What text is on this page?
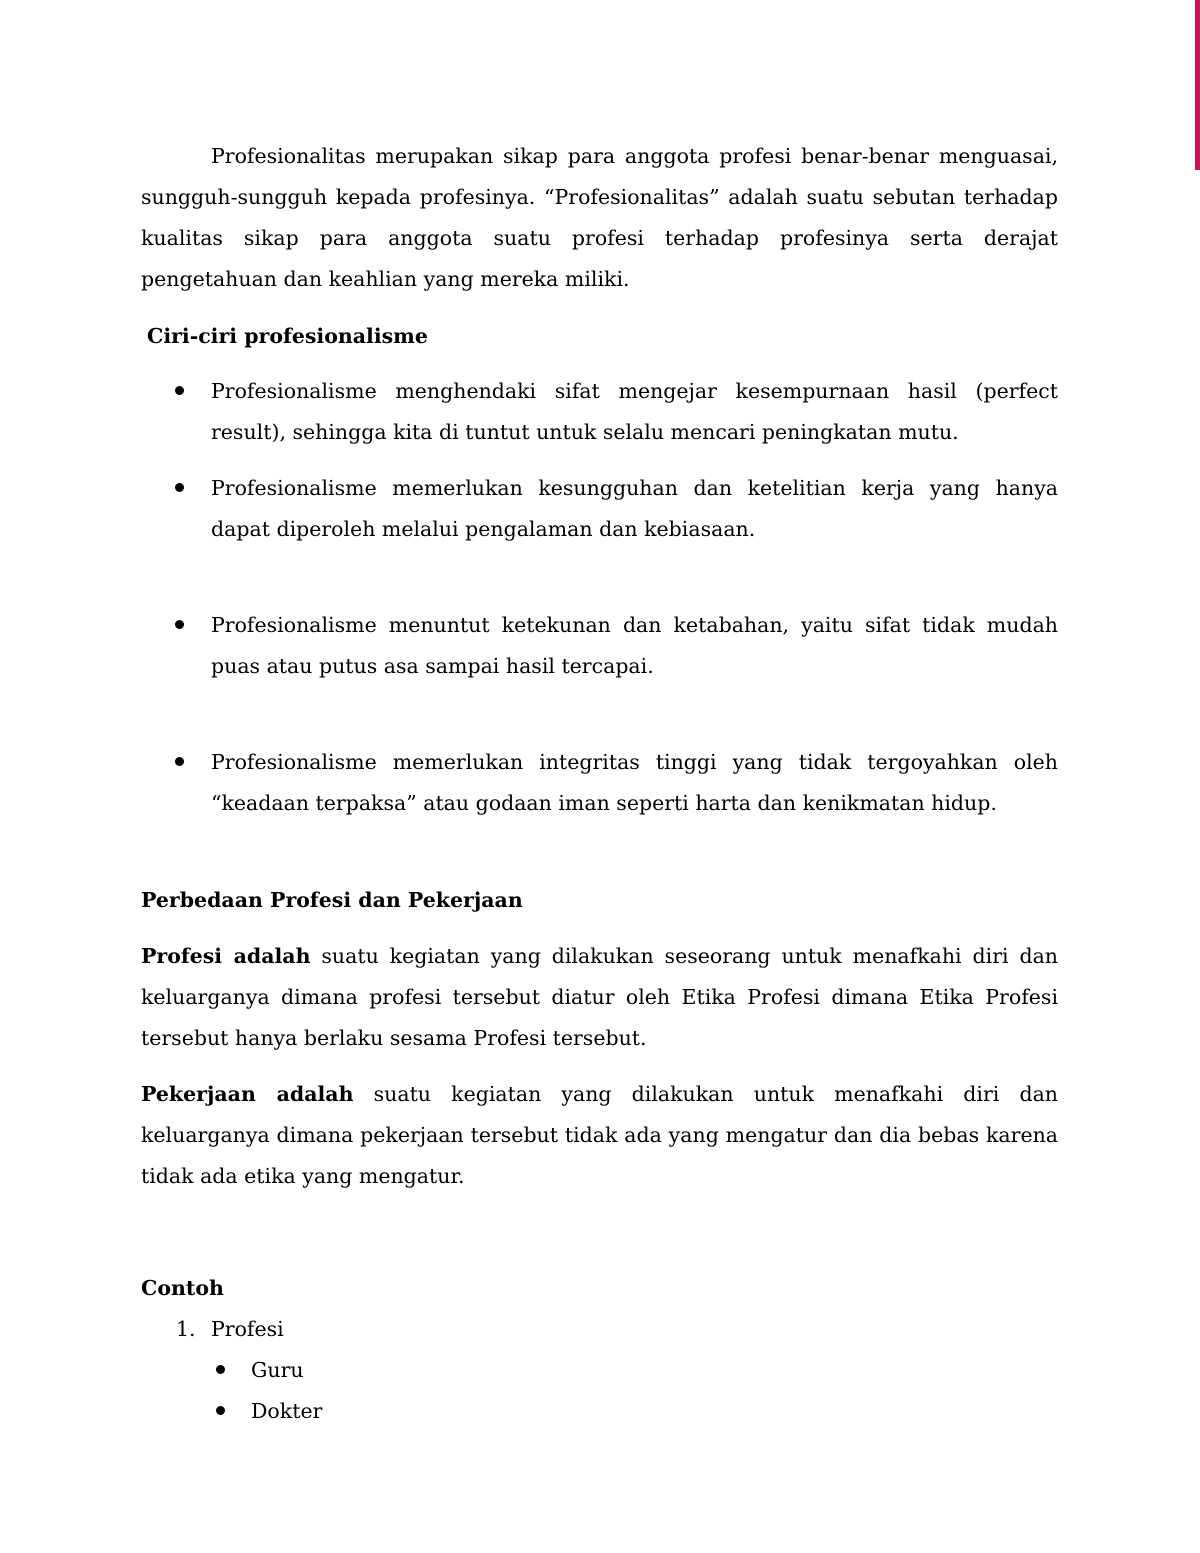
Profesionalitas merupakan sikap para anggota profesi benar-benar menguasai, sungguh-sungguh kepada profesinya. “Profesionalitas” adalah suatu sebutan terhadap kualitas sikap para anggota suatu profesi terhadap profesinya serta derajat pengetahuan dan keahlian yang mereka miliki.

Ciri-ciri profesionalisme

Profesionalisme menghendaki sifat mengejar kesempurnaan hasil (perfect result), sehingga kita di tuntut untuk selalu mencari peningkatan mutu.
Profesionalisme memerlukan kesungguhan dan ketelitian kerja yang hanya dapat diperoleh melalui pengalaman dan kebiasaan.
Profesionalisme menuntut ketekunan dan ketabahan, yaitu sifat tidak mudah puas atau putus asa sampai hasil tercapai.
Profesionalisme memerlukan integritas tinggi yang tidak tergoyahkan oleh “keadaan terpaksa” atau godaan iman seperti harta dan kenikmatan hidup.

Perbedaan Profesi dan Pekerjaan

Profesi adalah suatu kegiatan yang dilakukan seseorang untuk menafkahi diri dan keluarganya dimana profesi tersebut diatur oleh Etika Profesi dimana Etika Profesi tersebut hanya berlaku sesama Profesi tersebut.

Pekerjaan adalah suatu kegiatan yang dilakukan untuk menafkahi diri dan keluarganya dimana pekerjaan tersebut tidak ada yang mengatur dan dia bebas karena tidak ada etika yang mengatur.

Contoh

1. Profesi
Guru
Dokter
